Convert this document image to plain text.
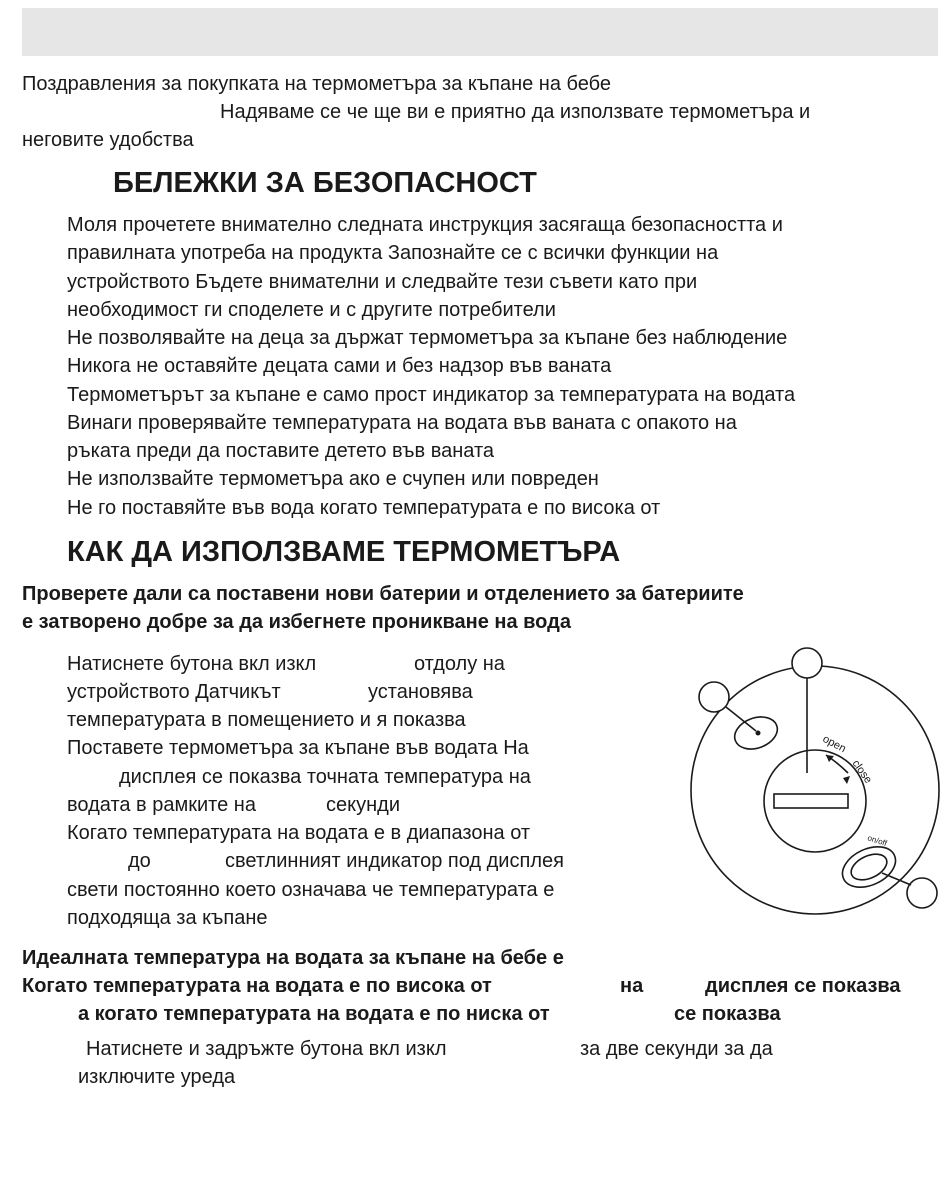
Поздравления за покупката на термометъра за къпане на бебе
Надяваме се че ще ви е приятно да използвате термометъра и
неговите удобства
БЕЛЕЖКИ ЗА БЕЗОПАСНОСТ
Моля прочетете внимателно следната инструкция засягаща безопасността и
правилната употреба на продукта Запознайте се с всички функции на
устройството Бъдете внимателни и следвайте тези съвети като при
необходимост ги споделете и с другите потребители
Не позволявайте на деца за държат термометъра за къпане без наблюдение
Никога не оставяйте децата сами и без надзор във ваната
Термометърът за къпане е само прост индикатор за температурата на водата
Винаги проверявайте температурата на водата във ваната с опакото на
ръката преди да поставите детето във ваната
Не използвайте термометъра ако е счупен или повреден
Не го поставяйте във вода когато температурата е по висока от
КАК ДА ИЗПОЛЗВАМЕ ТЕРМОМЕТЪРА
Проверете дали са поставени нови батерии и отделението за батериите
е затворено добре за да избегнете проникване на вода
Натиснете бутона вкл изкл	отдолу на
устройството Датчикът	установява
температурата в помещението и я показва
Поставете термометъра за къпане във водата На
дисплея се показва точната температура на
водата в рамките на	секунди
Когато температурата на водата е в диапазона от
до	светлинният индикатор под дисплея
свети постоянно което означава че температурата е
подходяща за къпане
Идеалната температура на водата за къпане на бебе е
Когато температурата на водата е по висока от	на	дисплея се показва
а когато температурата на водата е по ниска от	се показва
Натиснете и задръжте бутона вкл изкл	за две секунди за да
изключите уреда
open
close
on/off
